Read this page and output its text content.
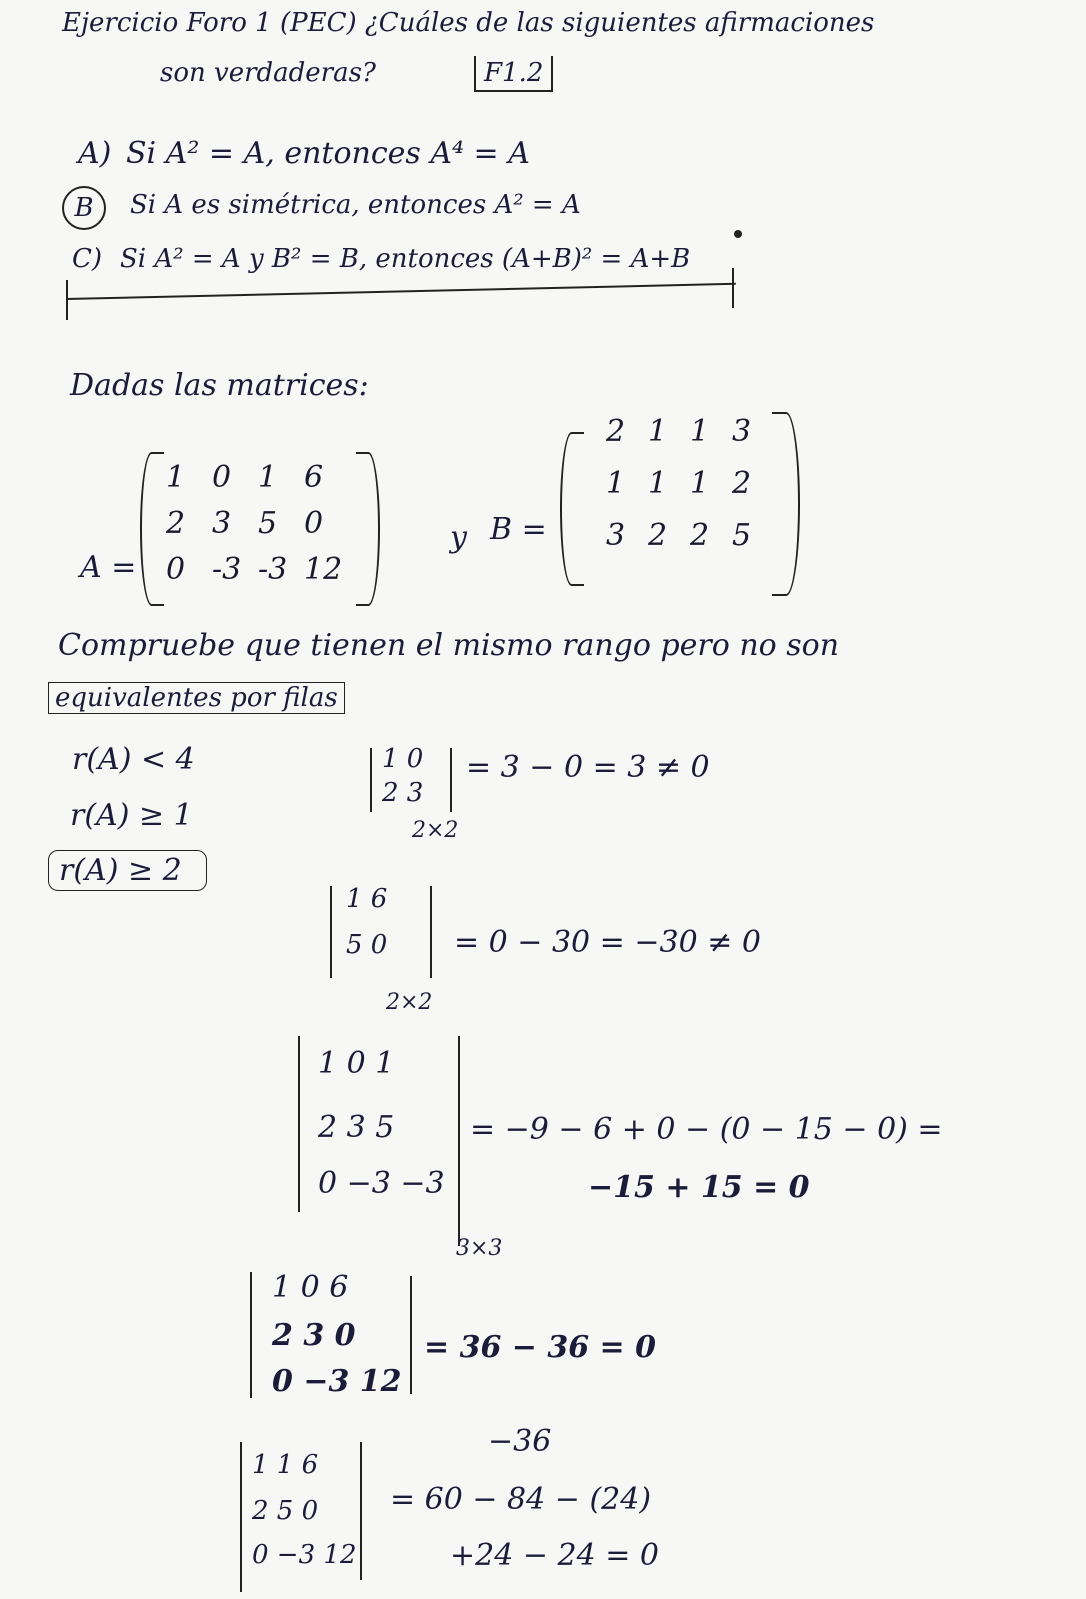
Ejercicio Foro 1 (PEC) ¿Cuáles de las siguientes afirmaciones
son verdaderas?	F1.2
A) Si A² = A, entonces A⁴ = A
B	Si A es simétrica, entonces A² = A
C) Si A² = A y B² = B, entonces (A+B)² = A+B
Dadas las matrices:
A =
1 0 1 6
2 3 5 0
0 -3 -3 12
y B =
2 1 1 3
1 1 1 2
3 2 2 5
Compruebe que tienen el mismo rango pero no son
equivalentes por filas
r(A) < 4
r(A) ≥ 1
r(A) ≥ 2
1 0
2 3
= 3 − 0 = 3 ≠ 0
2×2
1 6
5 0 = 0 − 30 = −30 ≠ 0
2×2
1 0 1
2 3 5
0 −3 −3
= −9 − 6 + 0 − (0 − 15 − 0) =
−15 + 15 = 0
3×3
1 0 6
2 3 0
0 −3 12
= 36 − 36 = 0
1 1 6
2 5 0
0 −3 12
−36
= 60 − 84 − (24)
+24 − 24 = 0
